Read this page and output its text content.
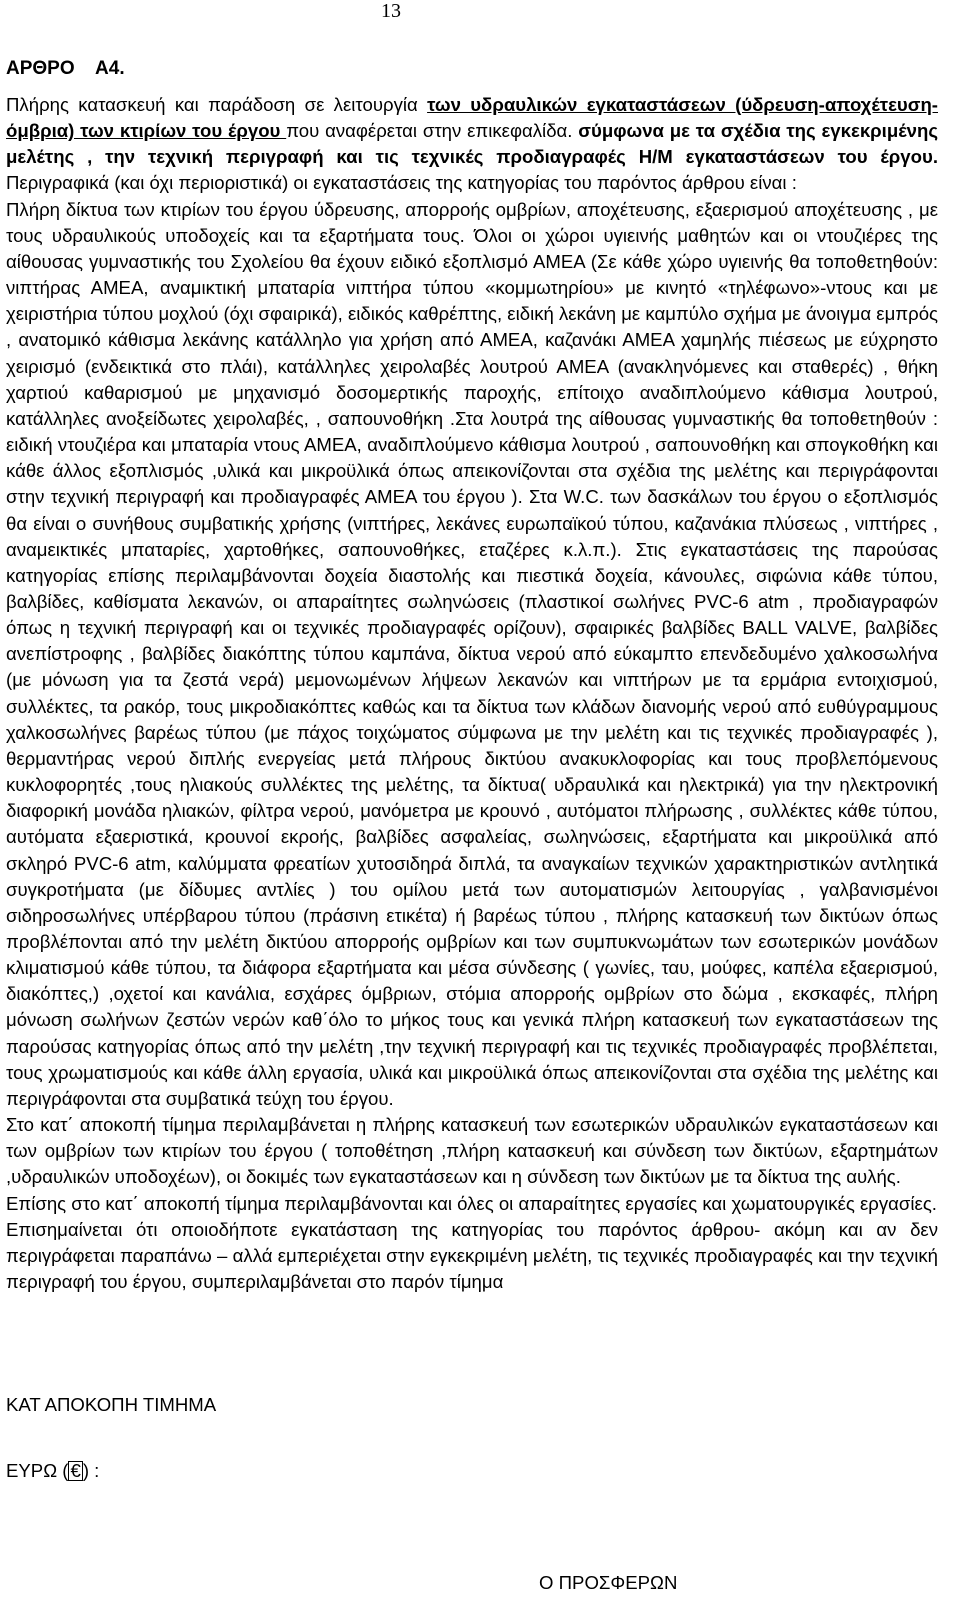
13
ΑΡΘΡΟ    Α4.

Πλήρης κατασκευή και παράδοση σε λειτουργία των υδραυλικών εγκαταστάσεων (ύδρευση-αποχέτευση-όμβρια) των κτιρίων του έργου που αναφέρεται στην επικεφαλίδα. σύμφωνα με τα σχέδια της εγκεκριμένης μελέτης , την τεχνική περιγραφή και τις τεχνικές προδιαγραφές Η/Μ εγκαταστάσεων του έργου. Περιγραφικά (και όχι περιοριστικά) οι εγκαταστάσεις της κατηγορίας του παρόντος άρθρου είναι :

Πλήρη δίκτυα των κτιρίων του έργου ύδρευσης, απορροής ομβρίων, αποχέτευσης, εξαερισμού αποχέτευσης , με τους υδραυλικούς υποδοχείς και τα εξαρτήματα τους. Όλοι οι χώροι υγιεινής μαθητών και οι ντουζιέρες της αίθουσας γυμναστικής του Σχολείου θα έχουν ειδικό εξοπλισμό ΑΜΕΑ (Σε κάθε χώρο υγιεινής θα τοποθετηθούν: νιπτήρας ΑΜΕΑ, αναμικτική μπαταρία νιπτήρα τύπου «κομμωτηρίου» με κινητό «τηλέφωνο»-ντους και με χειριστήρια τύπου μοχλού (όχι σφαιρικά), ειδικός καθρέπτης, ειδική λεκάνη με καμπύλο σχήμα με άνοιγμα εμπρός , ανατομικό κάθισμα λεκάνης κατάλληλο για χρήση από ΑΜΕΑ, καζανάκι ΑΜΕΑ χαμηλής πιέσεως με εύχρηστο χειρισμό (ενδεικτικά στο πλάι), κατάλληλες χειρολαβές λουτρού ΑΜΕΑ (ανακληνόμενες και σταθερές) , θήκη χαρτιού καθαρισμού με μηχανισμό δοσομερτικής παροχής, επίτοιχο αναδιπλούμενο κάθισμα λουτρού, κατάλληλες ανοξείδωτες χειρολαβές, , σαπουνοθήκη .Στα λουτρά της αίθουσας γυμναστικής θα τοποθετηθούν : ειδική ντουζιέρα και μπαταρία ντους ΑΜΕΑ, αναδιπλούμενο κάθισμα λουτρού , σαπουνοθήκη και σπογκοθήκη και κάθε άλλος εξοπλισμός ,υλικά και μικροϋλικά όπως απεικονίζονται στα σχέδια της μελέτης και περιγράφονται στην τεχνική περιγραφή και προδιαγραφές ΑΜΕΑ του έργου ). Στα W.C. των δασκάλων του έργου ο εξοπλισμός θα είναι ο συνήθους συμβατικής χρήσης (νιπτήρες, λεκάνες ευρωπαϊκού τύπου, καζανάκια πλύσεως , νιπτήρες , αναμεικτικές μπαταρίες, χαρτοθήκες, σαπουνοθήκες, εταζέρες κ.λ.π.). Στις εγκαταστάσεις της παρούσας κατηγορίας επίσης περιλαμβάνονται δοχεία διαστολής και πιεστικά δοχεία, κάνουλες, σιφώνια κάθε τύπου, βαλβίδες, καθίσματα λεκανών, οι απαραίτητες σωληνώσεις (πλαστικοί σωλήνες PVC-6 atm , προδιαγραφών όπως η τεχνική περιγραφή και οι τεχνικές προδιαγραφές ορίζουν), σφαιρικές βαλβίδες BALL VALVE, βαλβίδες ανεπίστροφης , βαλβίδες διακόπτης τύπου καμπάνα, δίκτυα νερού από εύκαμπτο επενδεδυμένο χαλκοσωλήνα (με μόνωση για τα ζεστά νερά) μεμονωμένων λήψεων λεκανών και νιπτήρων με τα ερμάρια εντοιχισμού, συλλέκτες, τα ρακόρ, τους μικροδιακόπτες καθώς και τα δίκτυα των κλάδων διανομής νερού από ευθύγραμμους χαλκοσωλήνες βαρέως τύπου (με πάχος τοιχώματος σύμφωνα με την μελέτη και τις τεχνικές προδιαγραφές ), θερμαντήρας νερού διπλής ενεργείας μετά πλήρους δικτύου ανακυκλοφορίας και τους προβλεπόμενους κυκλοφορητές ,τους ηλιακούς συλλέκτες της μελέτης, τα δίκτυα( υδραυλικά και ηλεκτρικά) για την ηλεκτρονική διαφορική μονάδα ηλιακών, φίλτρα νερού, μανόμετρα με κρουνό , αυτόματοι πλήρωσης , συλλέκτες κάθε τύπου, αυτόματα εξαεριστικά, κρουνοί εκροής, βαλβίδες ασφαλείας, σωληνώσεις, εξαρτήματα και μικροϋλικά από σκληρό PVC-6 atm, καλύμματα φρεατίων χυτοσιδηρά διπλά, τα αναγκαίων τεχνικών χαρακτηριστικών αντλητικά συγκροτήματα (με δίδυμες αντλίες ) του ομίλου μετά των αυτοματισμών λειτουργίας , γαλβανισμένοι σιδηροσωλήνες υπέρβαρου τύπου (πράσινη ετικέτα) ή βαρέως τύπου , πλήρης κατασκευή των δικτύων όπως προβλέπονται από την μελέτη δικτύου απορροής ομβρίων και των συμπυκνωμάτων των εσωτερικών μονάδων κλιματισμού κάθε τύπου, τα διάφορα εξαρτήματα και μέσα σύνδεσης ( γωνίες, ταυ, μούφες, καπέλα εξαερισμού, διακόπτες,) ,οχετοί και κανάλια, εσχάρες όμβριων, στόμια απορροής ομβρίων στο δώμα , εκσκαφές, πλήρη μόνωση σωλήνων ζεστών νερών καθ΄όλο το μήκος τους και γενικά πλήρη κατασκευή των εγκαταστάσεων της παρούσας κατηγορίας όπως από την μελέτη ,την τεχνική περιγραφή και τις τεχνικές προδιαγραφές προβλέπεται, τους χρωματισμούς και κάθε άλλη εργασία, υλικά και μικροϋλικά όπως απεικονίζονται στα σχέδια της μελέτης και περιγράφονται στα συμβατικά τεύχη του έργου.

Στο κατ΄ αποκοπή τίμημα περιλαμβάνεται η πλήρης κατασκευή των εσωτερικών υδραυλικών εγκαταστάσεων και των ομβρίων των κτιρίων του έργου ( τοποθέτηση ,πλήρη κατασκευή και σύνδεση των δικτύων, εξαρτημάτων ,υδραυλικών υποδοχέων), οι δοκιμές των εγκαταστάσεων και η σύνδεση των δικτύων με τα δίκτυα της αυλής.

Επίσης στο κατ΄ αποκοπή τίμημα περιλαμβάνονται και όλες οι απαραίτητες εργασίες και χωματουργικές εργασίες.

Επισημαίνεται ότι οποιοδήποτε εγκατάσταση της κατηγορίας του παρόντος άρθρου- ακόμη και αν δεν περιγράφεται παραπάνω – αλλά εμπεριέχεται στην εγκεκριμένη μελέτη, τις τεχνικές προδιαγραφές και την τεχνική περιγραφή του έργου, συμπεριλαμβάνεται στο παρόν τίμημα

ΚΑΤ ΑΠΟΚΟΠΗ ΤΙΜΗΜΑ
ΕΥΡΩ ( € ) :
Ο ΠΡΟΣΦΕΡΩΝ
